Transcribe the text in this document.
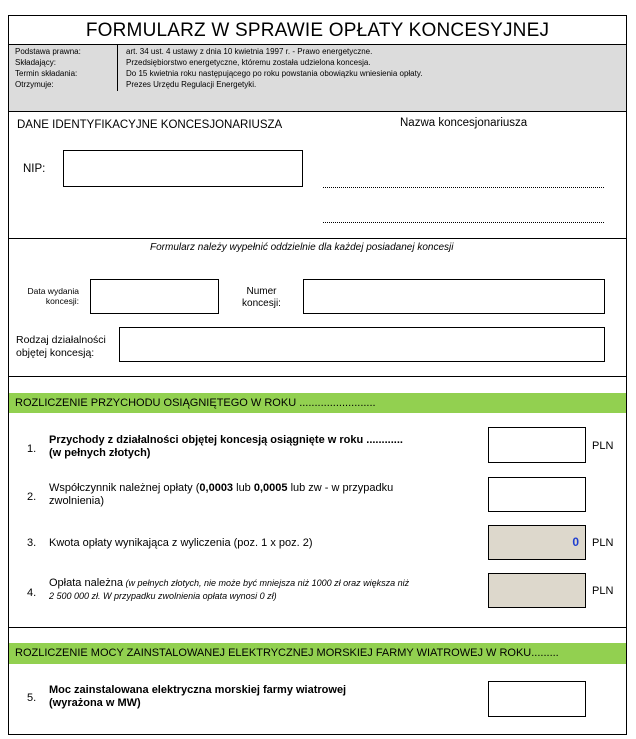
FORMULARZ W SPRAWIE OPŁATY KONCESYJNEJ
Podstawa prawna:	art. 34 ust. 4 ustawy z dnia 10 kwietnia 1997 r. - Prawo energetyczne.
Składający:	Przedsiębiorstwo energetyczne, któremu została udzielona koncesja.
Termin składania:	Do 15 kwietnia roku następującego po roku powstania obowiązku wniesienia opłaty.
Otrzymuje:	Prezes Urzędu Regulacji Energetyki.
DANE IDENTYFIKACYJNE KONCESJONARIUSZA	Nazwa koncesjonariusza
NIP:
Formularz należy wypełnić oddzielnie dla każdej posiadanej koncesji
Data wydania
koncesji:
Numer
koncesji:
Rodzaj działalności
objętej koncesją:
ROZLICZENIE PRZYCHODU OSIĄGNIĘTEGO W ROKU .........................
1.
Przychody z działalności objętej koncesją osiągnięte w roku ............
(w pełnych złotych)
PLN
2.
Współczynnik należnej opłaty (0,0003 lub 0,0005 lub zw - w przypadku
zwolnienia)
3. Kwota opłaty wynikająca z wyliczenia (poz. 1 x poz. 2)	0	PLN
4.
Opłata należna (w pełnych złotych, nie może być mniejsza niż 1000 zł oraz większa niż
2 500 000 zł. W przypadku zwolnienia opłata wynosi 0 zł)	PLN
ROZLICZENIE MOCY ZAINSTALOWANEJ ELEKTRYCZNEJ MORSKIEJ FARMY WIATROWEJ W ROKU.........
5.
Moc zainstalowana elektryczna morskiej farmy wiatrowej
(wyrażona w MW)
